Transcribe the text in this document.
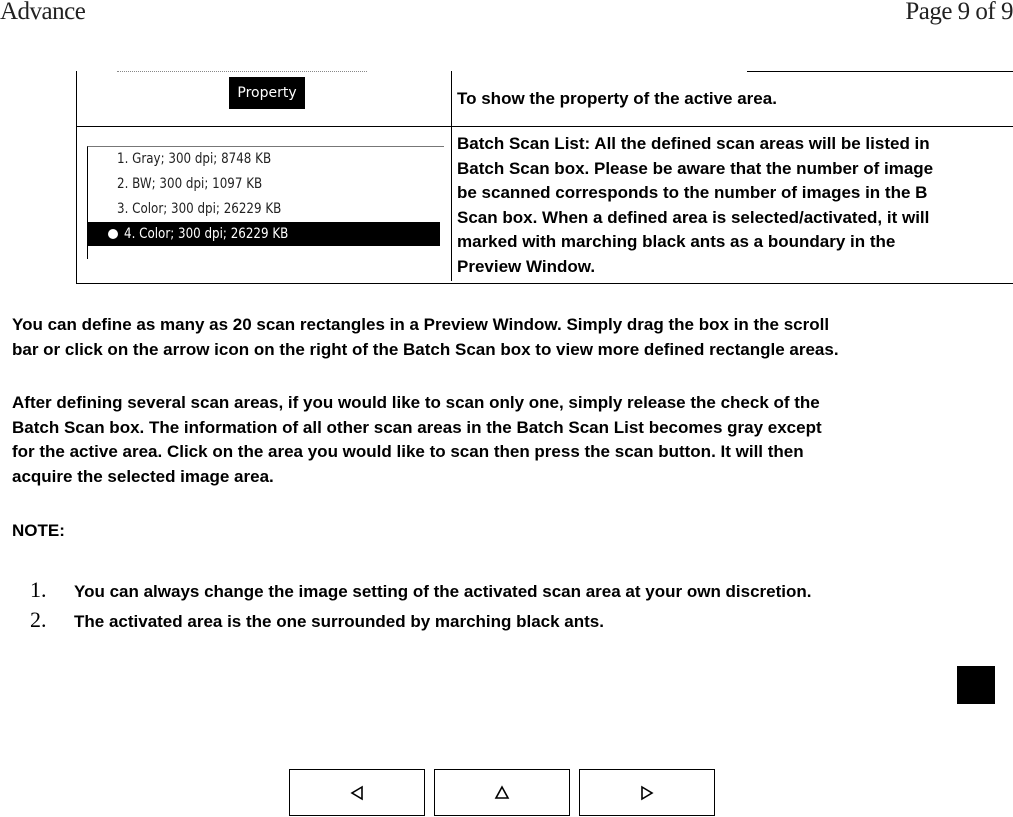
Advance	Page 9 of 9
Property	To show the property of the active area.
1. Gray; 300 dpi; 8748 KB
2. BW; 300 dpi; 1097 KB
3. Color; 300 dpi; 26229 KB
4. Color; 300 dpi; 26229 KB
Batch Scan List: All the defined scan areas will be listed in
Batch Scan box. Please be aware that the number of image
be scanned corresponds to the number of images in the B
Scan box. When a defined area is selected/activated, it will
marked with marching black ants as a boundary in the
Preview Window.
You can define as many as 20 scan rectangles in a Preview Window. Simply drag the box in the scroll
bar or click on the arrow icon on the right of the Batch Scan box to view more defined rectangle areas.
After defining several scan areas, if you would like to scan only one, simply release the check of the
Batch Scan box. The information of all other scan areas in the Batch Scan List becomes gray except
for the active area. Click on the area you would like to scan then press the scan button. It will then
acquire the selected image area.
NOTE:
1. You can always change the image setting of the activated scan area at your own discretion.
2. The activated area is the one surrounded by marching black ants.
